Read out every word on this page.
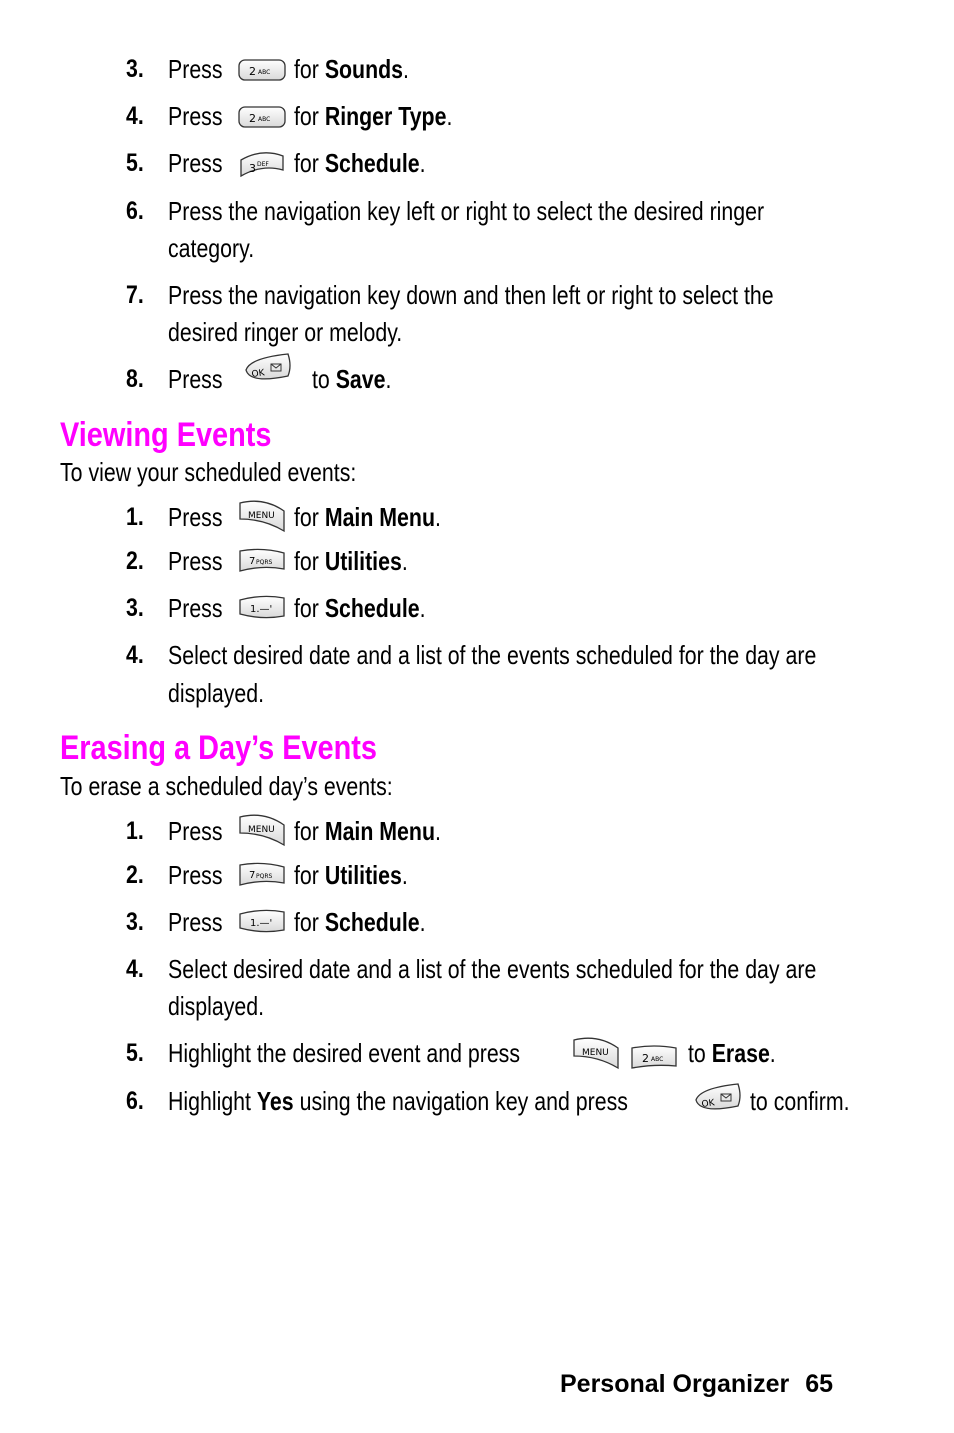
3. Press 2 ABC for Sounds.
4. Press 2 ABC for Ringer Type.
5. Press 3 DEF for Schedule.
6. Press the navigation key left or right to select the desired ringer
category.
7. Press the navigation key down and then left or right to select the
desired ringer or melody.
8. Press	OK to Save.
Viewing Events
To view your scheduled events:
1. Press	MENU for Main Menu.
2. Press	7 PQRS for Utilities.
3. Press	1.—' for Schedule.
4. Select desired date and a list of the events scheduled for the day are
displayed.
Erasing a Day’s Events
To erase a scheduled day’s events:
1. Press	MENU for Main Menu.
2. Press	7 PQRS for Utilities.
3. Press	1.—' for Schedule.
4. Select desired date and a list of the events scheduled for the day are
displayed.
5. Highlight the desired event and press	MENU	2 ABC to Erase.
6. Highlight Yes using the navigation key and press	OK to confirm.
Personal Organizer 65
